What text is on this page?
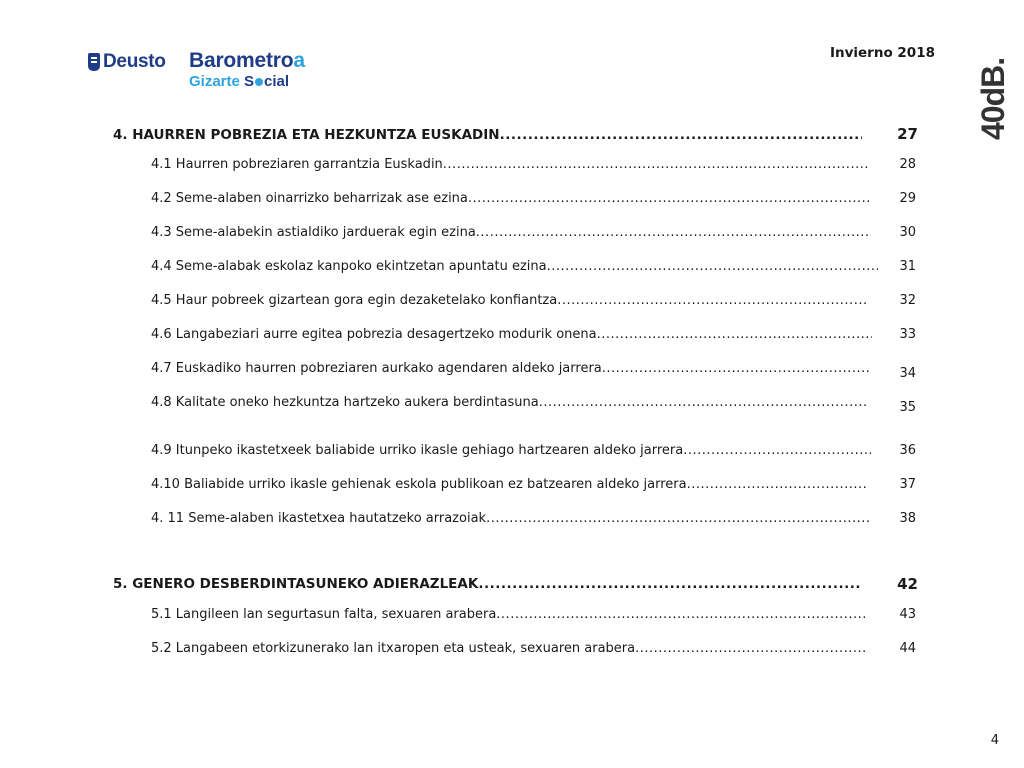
Deusto Barometroa
Gizarte S cial
Invierno 2018
40dB.
4. HAURREN POBREZIA ETA HEZKUNTZA EUSKADIN .....	27
4.1 Haurren pobreziaren garrantzia Euskadin .....	28
4.2 Seme-alaben oinarrizko beharrizak ase ezina .....	29
4.3 Seme-alabekin astialdiko jarduerak egin ezina .....	30
4.4 Seme-alabak eskolaz kanpoko ekintzetan apuntatu ezina .....	31
4.5 Haur pobreek gizartean gora egin dezaketelako konfiantza .....	32
4.6 Langabeziari aurre egitea pobrezia desagertzeko modurik onena .....	33
4.7 Euskadiko haurren pobreziaren aurkako agendaren aldeko jarrera .....	34
4.8 Kalitate oneko hezkuntza hartzeko aukera berdintasuna .....	35
4.9 Itunpeko ikastetxeek baliabide urriko ikasle gehiago hartzearen aldeko jarrera .....	36
4.10 Baliabide urriko ikasle gehienak eskola publikoan ez batzearen aldeko jarrera .....	37
4. 11 Seme-alaben ikastetxea hautatzeko arrazoiak .....	38
5. GENERO DESBERDINTASUNEKO ADIERAZLEAK .....	42
5.1 Langileen lan segurtasun falta, sexuaren arabera .....	43
5.2 Langabeen etorkizunerako lan itxaropen eta usteak, sexuaren arabera .....	44
4
